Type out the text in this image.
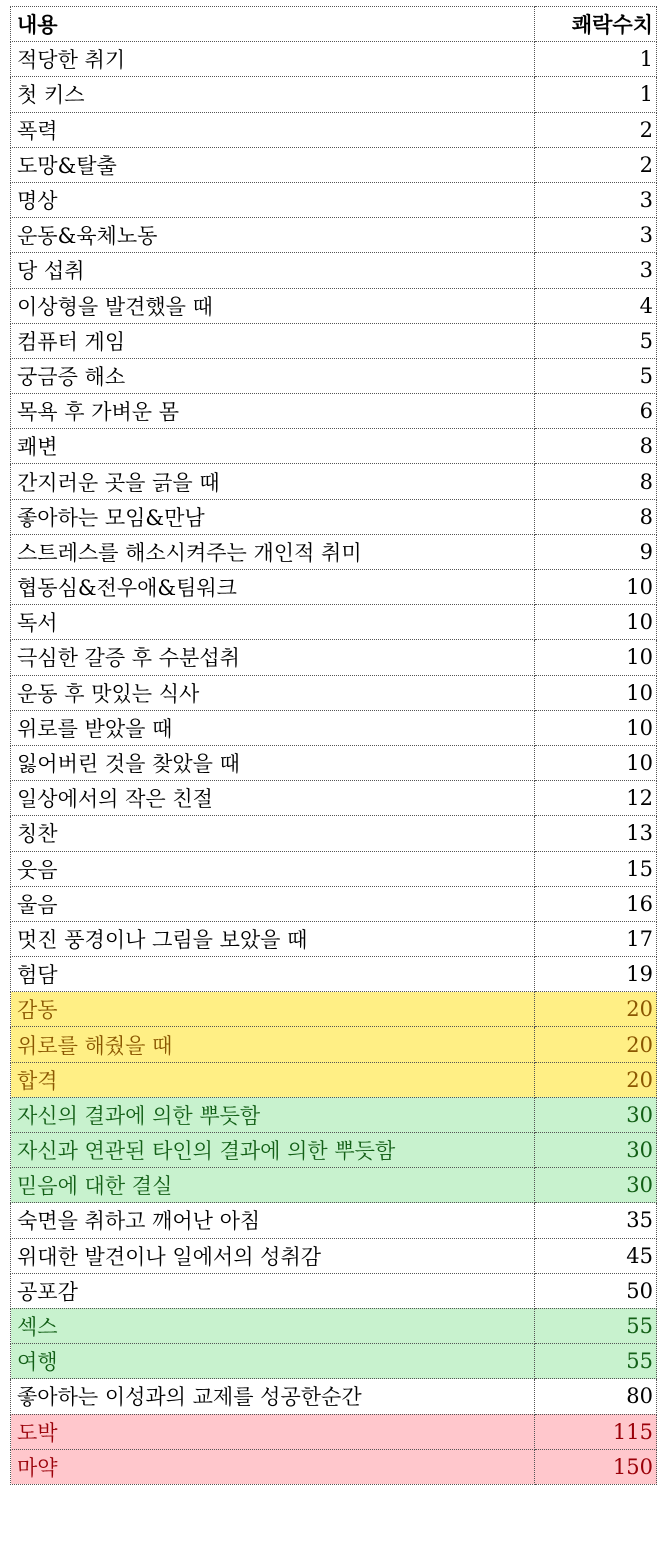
내용	쾌락수치
적당한 취기	1
첫 키스	1
폭력	2
도망&탈출	2
명상	3
운동&육체노동	3
당 섭취	3
이상형을 발견했을 때	4
컴퓨터 게임	5
궁금증 해소	5
목욕 후 가벼운 몸	6
쾌변	8
간지러운 곳을 긁을 때	8
좋아하는 모임&만남	8
스트레스를 해소시켜주는 개인적 취미	9
협동심&전우애&팀워크	10
독서	10
극심한 갈증 후 수분섭취	10
운동 후 맛있는 식사	10
위로를 받았을 때	10
잃어버린 것을 찾았을 때	10
일상에서의 작은 친절	12
칭찬	13
웃음	15
울음	16
멋진 풍경이나 그림을 보았을 때	17
험담	19
감동	20
위로를 해줬을 때	20
합격	20
자신의 결과에 의한 뿌듯함	30
자신과 연관된 타인의 결과에 의한 뿌듯함	30
믿음에 대한 결실	30
숙면을 취하고 깨어난 아침	35
위대한 발견이나 일에서의 성취감	45
공포감	50
섹스	55
여행	55
좋아하는 이성과의 교제를 성공한순간	80
도박	115
마약	150
